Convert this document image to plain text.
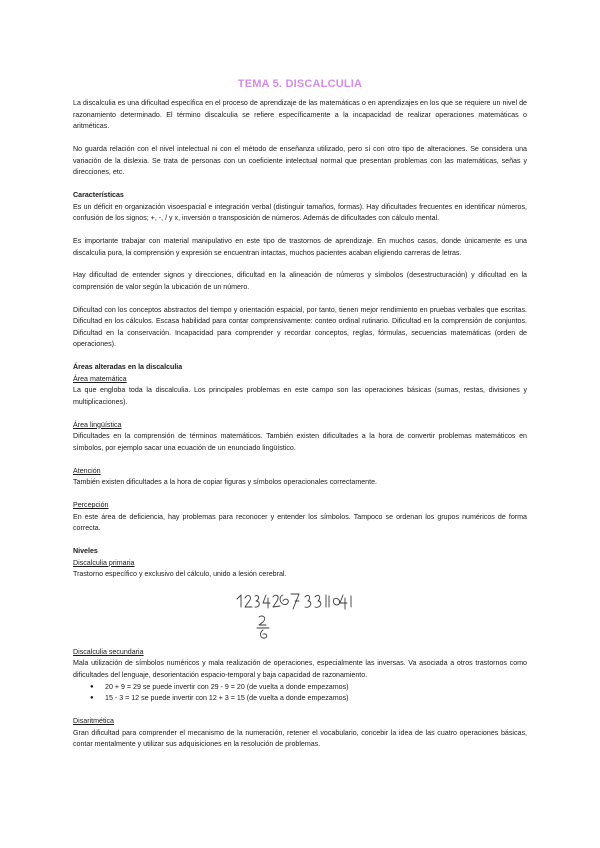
TEMA 5. DISCALCULIA

La discalculia es una dificultad específica en el proceso de aprendizaje de las matemáticas o en aprendizajes en los que se requiere un nivel de razonamiento determinado. El término discalculia se refiere específicamente a la incapacidad de realizar operaciones matemáticas o aritméticas.

No guarda relación con el nivel intelectual ni con el método de enseñanza utilizado, pero sí con otro tipo de alteraciones. Se considera una variación de la dislexia. Se trata de personas con un coeficiente intelectual normal que presentan problemas con las matemáticas, señas y direcciones, etc.

Características

Es un déficit en organización visoespacial e integración verbal (distinguir tamaños, formas). Hay dificultades frecuentes en identificar números, confusión de los signos; +, -, / y x, inversión o transposición de números. Además de dificultades con cálculo mental.

Es importante trabajar con material manipulativo en este tipo de trastornos de aprendizaje. En muchos casos, donde únicamente es una discalculia pura, la comprensión y expresión se encuentran intactas, muchos pacientes acaban eligiendo carreras de letras.

Hay dificultad de entender signos y direcciones, dificultad en la alineación de números y símbolos (desestructuración) y dificultad en la comprensión de valor según la ubicación de un número.

Dificultad con los conceptos abstractos del tiempo y orientación espacial, por tanto, tienen mejor rendimiento en pruebas verbales que escritas. Dificultad en los cálculos. Escasa habilidad para contar comprensivamente: conteo ordinal rutinario. Dificultad en la comprensión de conjuntos. Dificultad en la conservación. Incapacidad para comprender y recordar conceptos, reglas, fórmulas, secuencias matemáticas (orden de operaciones).

Áreas alteradas en la discalculia

Área matemática

La que engloba toda la discalculia. Los principales problemas en este campo son las operaciones básicas (sumas, restas, divisiones y multiplicaciones).

Área lingüística

Dificultades en la comprensión de términos matemáticos. También existen dificultades a la hora de convertir problemas matemáticos en símbolos, por ejemplo sacar una ecuación de un enunciado lingüístico.

Atención

También existen dificultades a la hora de copiar figuras y símbolos operacionales correctamente.

Percepción

En este área de deficiencia, hay problemas para reconocer y entender los símbolos. Tampoco se ordenan los grupos numéricos de forma correcta.

Niveles

Discalculia primaria

Trastorno específico y exclusivo del cálculo, unido a lesión cerebral.

Discalculia secundaria

Mala utilización de símbolos numéricos y mala realización de operaciones, especialmente las inversas. Va asociada a otros trastornos como dificultades del lenguaje, desorientación espacio-temporal y baja capacidad de razonamiento.

● 20 + 9 = 29 se puede invertir con 29 - 9 = 20 (de vuelta a donde empezamos)
● 15 - 3 = 12 se puede invertir con 12 + 3 = 15 (de vuelta a donde empezamos)

Disaritmética

Gran dificultad para comprender el mecanismo de la numeración, retener el vocabulario, concebir la idea de las cuatro operaciones básicas, contar mentalmente y utilizar sus adquisiciones en la resolución de problemas.
